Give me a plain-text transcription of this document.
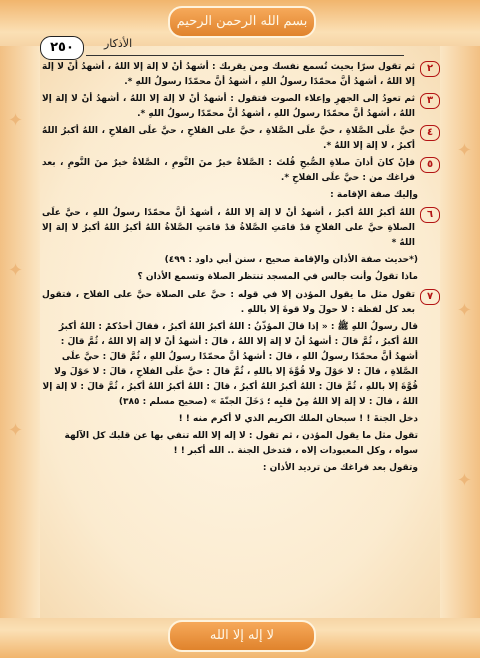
بسم الله الرحمن الرحيم
لا إله إلا الله
✦
✦
✦
✦
✦
✦
٢٥٠	الأذكار
٢
ثم تقول سرًا بحيث تُسمع نفسك ومن يقربك : أشهدُ أنْ لا إلهَ إلا اللهُ ، أشهدُ أنْ لا إلهَ إلا اللهُ ، أشهدُ أنَّ محمّدًا رسولُ اللهِ ، أشهدُ أنَّ محمّدًا رسولُ اللهِ *.
٣
ثم تعودُ إلى الجهرِ وإعلاء الصوت فتقول : أشهدُ أنْ لا إلهَ إلا اللهُ ، أشهدُ أنْ لا إلهَ إلا اللهُ ، أشهدُ أنَّ محمّدًا رسولُ اللهِ ، أشهدُ أنَّ محمّدًا رسولُ اللهِ *.
٤
حيَّ علَى الصَّلاةِ ، حيَّ علَى الصَّلاةِ ، حيَّ على الفلاحِ ، حيَّ علَى الفلاحِ ، اللهُ أكبرُ اللهُ أكبرُ ، لا إلهَ إلا اللهُ *.
٥
فإنْ كانَ أذانَ صلاةِ الصُّبحِ قُلتَ : الصَّلاةُ خيرٌ منَ النَّومِ ، الصَّلاةُ خيرٌ منَ النَّومِ ، بعد فراغك من : حيَّ علَى الفلاحِ *.
وإليك صفة الإقامة :
٦
اللهُ أكبرُ اللهُ أكبرُ ، أشهدُ أنْ لا إلهَ إلا اللهُ ، أشهدُ أنَّ محمّدًا رسولُ اللهِ ، حيَّ علَى الصلاةِ حيَّ على الفلاحِ قدْ قامَتِ الصَّلاةُ قدْ قامَتِ الصَّلاةُ اللهُ أكبرُ اللهُ أكبرُ لا إلهَ إلا اللهُ *
(*حديث صفة الأذان والإقامة صحيح ، سنن أبي داود : ٤٩٩)
ماذا تقولُ وأنت جالس في المسجد تنتظر الصلاة وتسمع الأذان ؟
٧
تقول مثل ما يقول المؤذن إلا في قوله : حيَّ على الصلاة حيَّ على الفلاح ، فتقول بعد كل لفظة : لا حولَ ولا قوةَ إلا باللهِ .
قال رسولُ اللهِ ﷺ : « إذا قالَ المؤذّنُ : اللهُ أكبرُ اللهُ أكبرُ ، فقالَ أحدُكمْ : اللهُ أكبرُ اللهُ أكبرُ ، ثُمَّ قالَ : أشهدُ أنْ لا إلهَ إلا اللهُ ، قالَ : أشهدُ أنْ لا إلهَ إلا اللهُ ، ثُمَّ قالَ : أشهدُ أنَّ محمّدًا رسولُ اللهِ ، قالَ : أشهدُ أنَّ محمّدًا رسولُ اللهِ ، ثُمَّ قالَ : حيَّ علَى الصَّلاةِ ، قالَ : لا حَوْلَ ولا قُوَّةَ إلا باللهِ ، ثُمَّ قالَ : حيَّ علَى الفلاحِ ، قالَ : لا حَوْلَ ولا قُوَّةَ إلا باللهِ ، ثُمَّ قالَ : اللهُ أكبرُ اللهُ أكبرُ ، قالَ : اللهُ أكبرُ اللهُ أكبرُ ، ثُمَّ قالَ : لا إلهَ إلا اللهُ ، قالَ : لا إلهَ إلا اللهُ مِنْ قلبِه ؛ دَخَلَ الجنّةَ » (صحيح مسلم : ٣٨٥)
دخل الجنةَ ! ! سبحان الملك الكريم الذي لا أكرم منه ! !
تقول مثل ما يقول المؤذن ، ثم تقول : لا إله إلا الله تنفي بها عن قلبك كل الآلهة سواه ، وكل المعبودات إلاه ، فتدخل الجنة .. الله أكبر ! !
وتقول بعد فراغك من ترديد الأذان :
